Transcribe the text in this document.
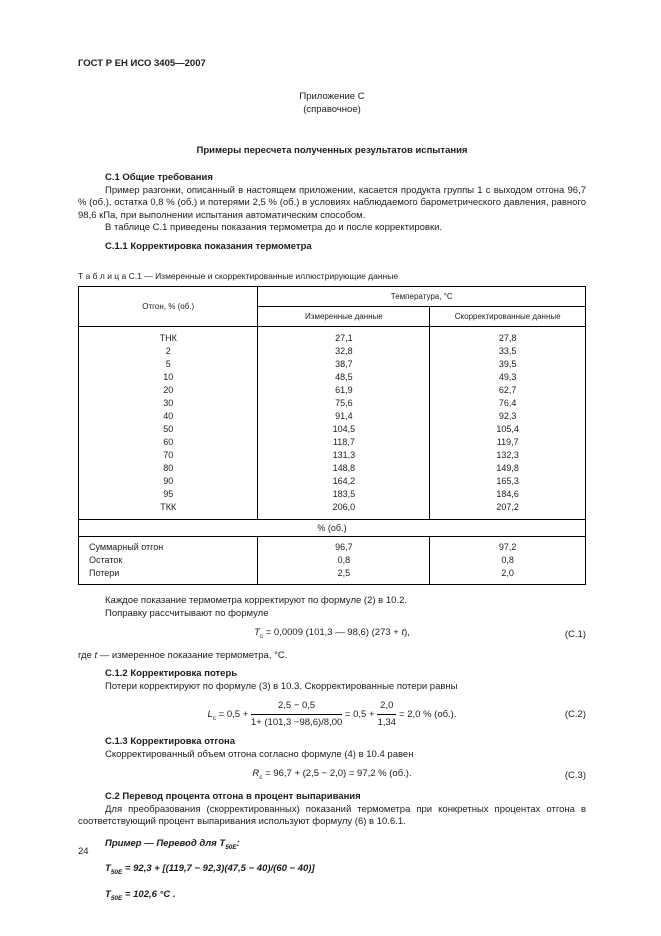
ГОСТ Р ЕН ИСО 3405—2007
Приложение С
(справочное)
Примеры пересчета полученных результатов испытания

С.1 Общие требования

Пример разгонки, описанный в настоящем приложении, касается продукта группы 1 с выходом отгона 96,7 % (об.), остатка 0,8 % (об.) и потерями 2,5 % (об.) в условиях наблюдаемого барометрического давления, равного 98,6 кПа, при выполнении испытания автоматическим способом.

В таблице С.1 приведены показания термометра до и после корректировки.

С.1.1 Корректировка показания термометра

Т а б л и ц а С.1 — Измеренные и скорректированные иллюстрирующие данные
Отгон, % (об.)	Температура, °С	
	Измеренные данные	Скорректированные данные
ТНК	27,1	27,8
2	32,8	33,5
5	38,7	39,5
10	48,5	49,3
20	61,9	62,7
30	75,6	76,4
40	91,4	92,3
50	104,5	105,4
60	118,7	119,7
70	131,3	132,3
80	148,8	149,8
90	164,2	165,3
95	183,5	184,6
ТКК	206,0	207,2
% (об.)		
Суммарный отгон	96,7	97,2
Остаток	0,8	0,8
Потери	2,5	2,0

Каждое показание термометра корректируют по формуле (2) в 10.2.

Поправку рассчитывают по формуле

$Т_с = 0,0009$ (101,3 — 98,6) (273 + t),	(С.1)

где t — измеренное показание термометра, °С.

С.1.2 Корректировка потерь

Потери корректируют по формуле (3) в 10.3. Скорректированные потери равны

$L_с = 0,5 + \frac{2,5 - 0,5}{1+ (101,3 -98,6)/8,00} = 0,5 + \frac{2,0}{1,34} = 2,0$ % (об.).	(С.2)

С.1.3 Корректировка отгона

Скорректированный объем отгона согласно формуле (4) в 10.4 равен

$R_с = 96,7 + (2,5 - 2,0) = 97,2$ % (об.).	(С.3)

С.2 Перевод процента отгона в процент выпаривания

Для преобразования (скорректированных) показаний термометра при конкретных процентах отгона в соответствующий процент выпаривания используют формулу (6) в 10.6.1.

Пример — Перевод для $Т_{50Е}$:

$Т_{50Е} = 92,3 + [(119,7 - 92,3)(47,5 - 40)/(60 - 40)]$

$Т_{50Е} = 102,6$ °С .

24
